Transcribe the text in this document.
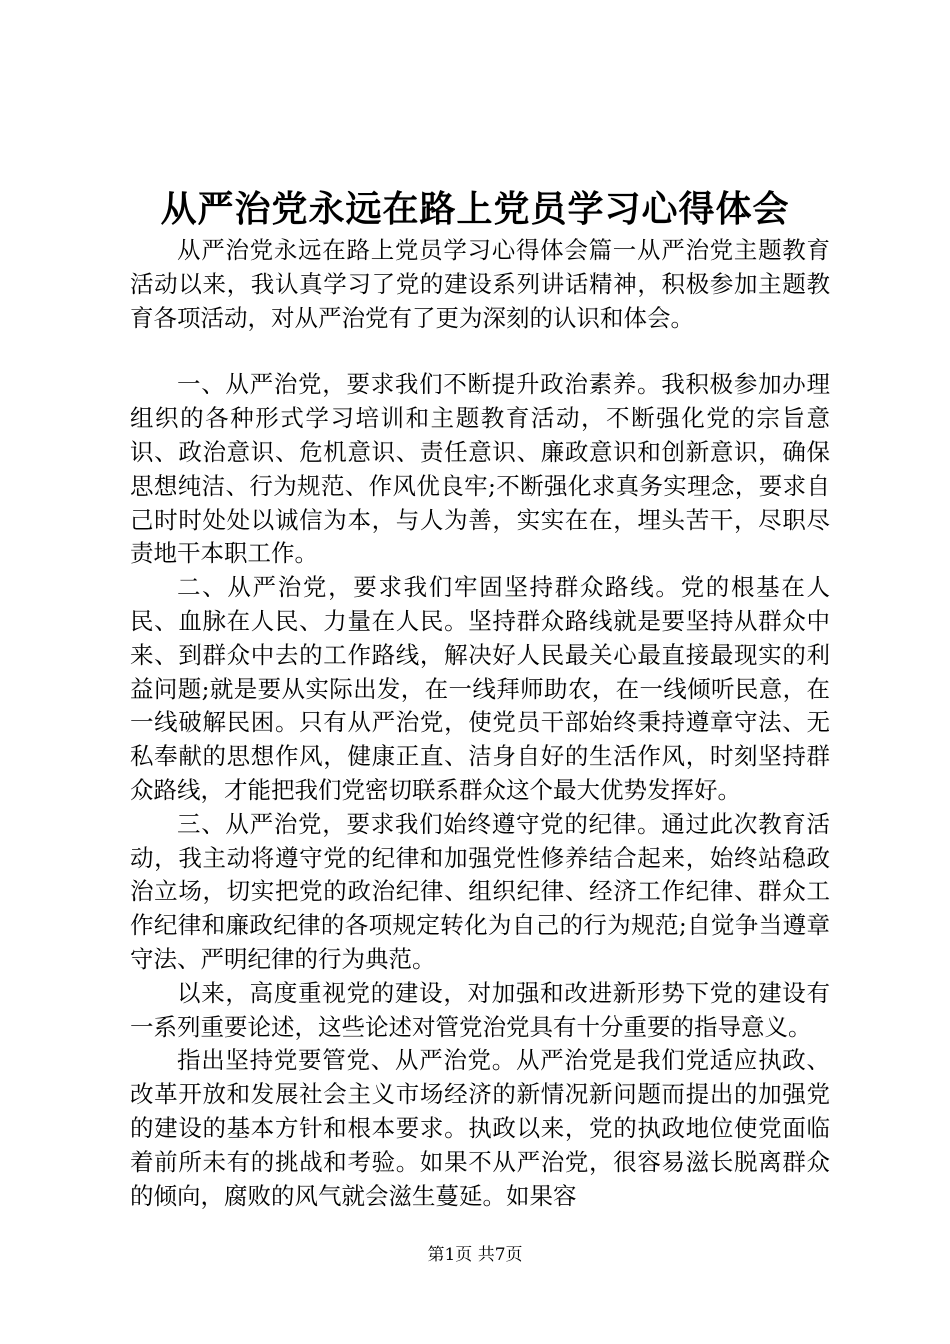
从严治党永远在路上党员学习心得体会

从严治党永远在路上党员学习心得体会篇一从严治党主题教育活动以来，我认真学习了党的建设系列讲话精神，积极参加主题教育各项活动，对从严治党有了更为深刻的认识和体会。

一、从严治党，要求我们不断提升政治素养。我积极参加办理组织的各种形式学习培训和主题教育活动，不断强化党的宗旨意识、政治意识、危机意识、责任意识、廉政意识和创新意识，确保思想纯洁、行为规范、作风优良牢;不断强化求真务实理念，要求自己时时处处以诚信为本，与人为善，实实在在，埋头苦干，尽职尽责地干本职工作。

二、从严治党，要求我们牢固坚持群众路线。党的根基在人民、血脉在人民、力量在人民。坚持群众路线就是要坚持从群众中来、到群众中去的工作路线，解决好人民最关心最直接最现实的利益问题;就是要从实际出发，在一线拜师助农，在一线倾听民意，在一线破解民困。只有从严治党，使党员干部始终秉持遵章守法、无私奉献的思想作风，健康正直、洁身自好的生活作风，时刻坚持群众路线，才能把我们党密切联系群众这个最大优势发挥好。

三、从严治党，要求我们始终遵守党的纪律。通过此次教育活动，我主动将遵守党的纪律和加强党性修养结合起来，始终站稳政治立场，切实把党的政治纪律、组织纪律、经济工作纪律、群众工作纪律和廉政纪律的各项规定转化为自己的行为规范;自觉争当遵章守法、严明纪律的行为典范。

以来，高度重视党的建设，对加强和改进新形势下党的建设有一系列重要论述，这些论述对管党治党具有十分重要的指导意义。

指出坚持党要管党、从严治党。从严治党是我们党适应执政、改革开放和发展社会主义市场经济的新情况新问题而提出的加强党的建设的基本方针和根本要求。执政以来，党的执政地位使党面临着前所未有的挑战和考验。如果不从严治党，很容易滋长脱离群众的倾向，腐败的风气就会滋生蔓延。如果容

第1页 共7页
